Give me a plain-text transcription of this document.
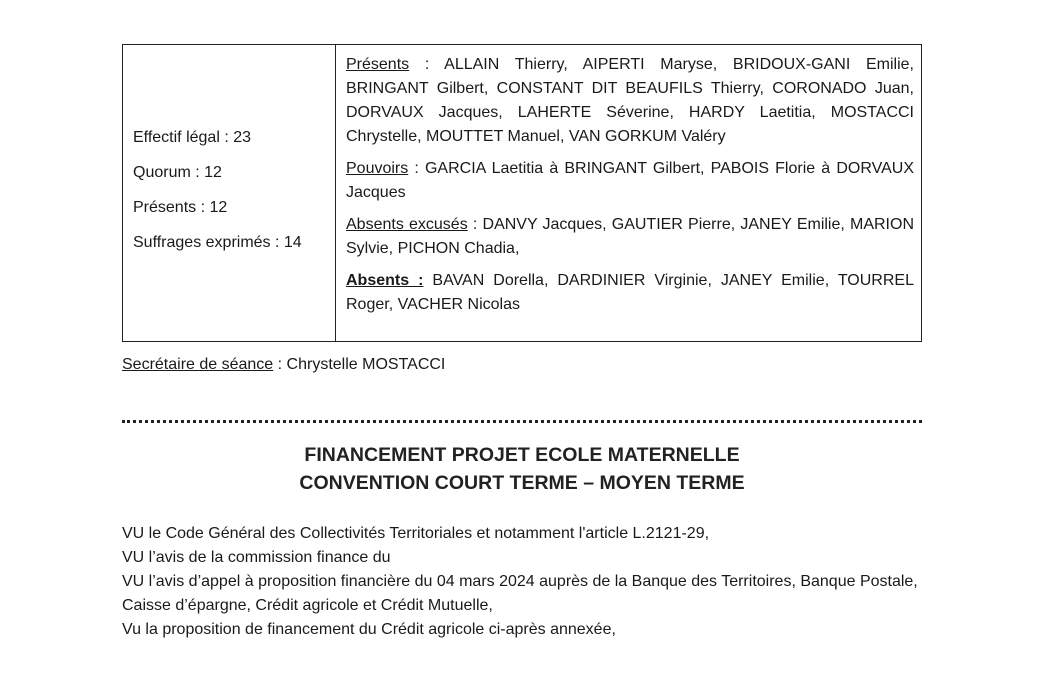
Effectif légal : 23
Quorum : 12
Présents : 12
Suffrages exprimés : 14

Présents : ALLAIN Thierry, AIPERTI Maryse, BRIDOUX-GANI Emilie, BRINGANT Gilbert, CONSTANT DIT BEAUFILS Thierry, CORONADO Juan, DORVAUX Jacques, LAHERTE Séverine, HARDY Laetitia, MOSTACCI Chrystelle, MOUTTET Manuel, VAN GORKUM Valéry

Pouvoirs : GARCIA Laetitia à BRINGANT Gilbert, PABOIS Florie à DORVAUX Jacques

Absents excusés : DANVY Jacques, GAUTIER Pierre, JANEY Emilie, MARION Sylvie, PICHON Chadia,

Absents : BAVAN Dorella, DARDINIER Virginie, JANEY Emilie, TOURREL Roger, VACHER Nicolas

Secrétaire de séance : Chrystelle MOSTACCI
FINANCEMENT PROJET ECOLE MATERNELLE
CONVENTION COURT TERME – MOYEN TERME
VU le Code Général des Collectivités Territoriales et notamment l'article L.2121-29,
VU l’avis de la commission finance du
VU l’avis d’appel à proposition financière du 04 mars 2024 auprès de la Banque des Territoires, Banque Postale, Caisse d’épargne, Crédit agricole et Crédit Mutuelle,
Vu la proposition de financement du Crédit agricole ci-après annexée,
